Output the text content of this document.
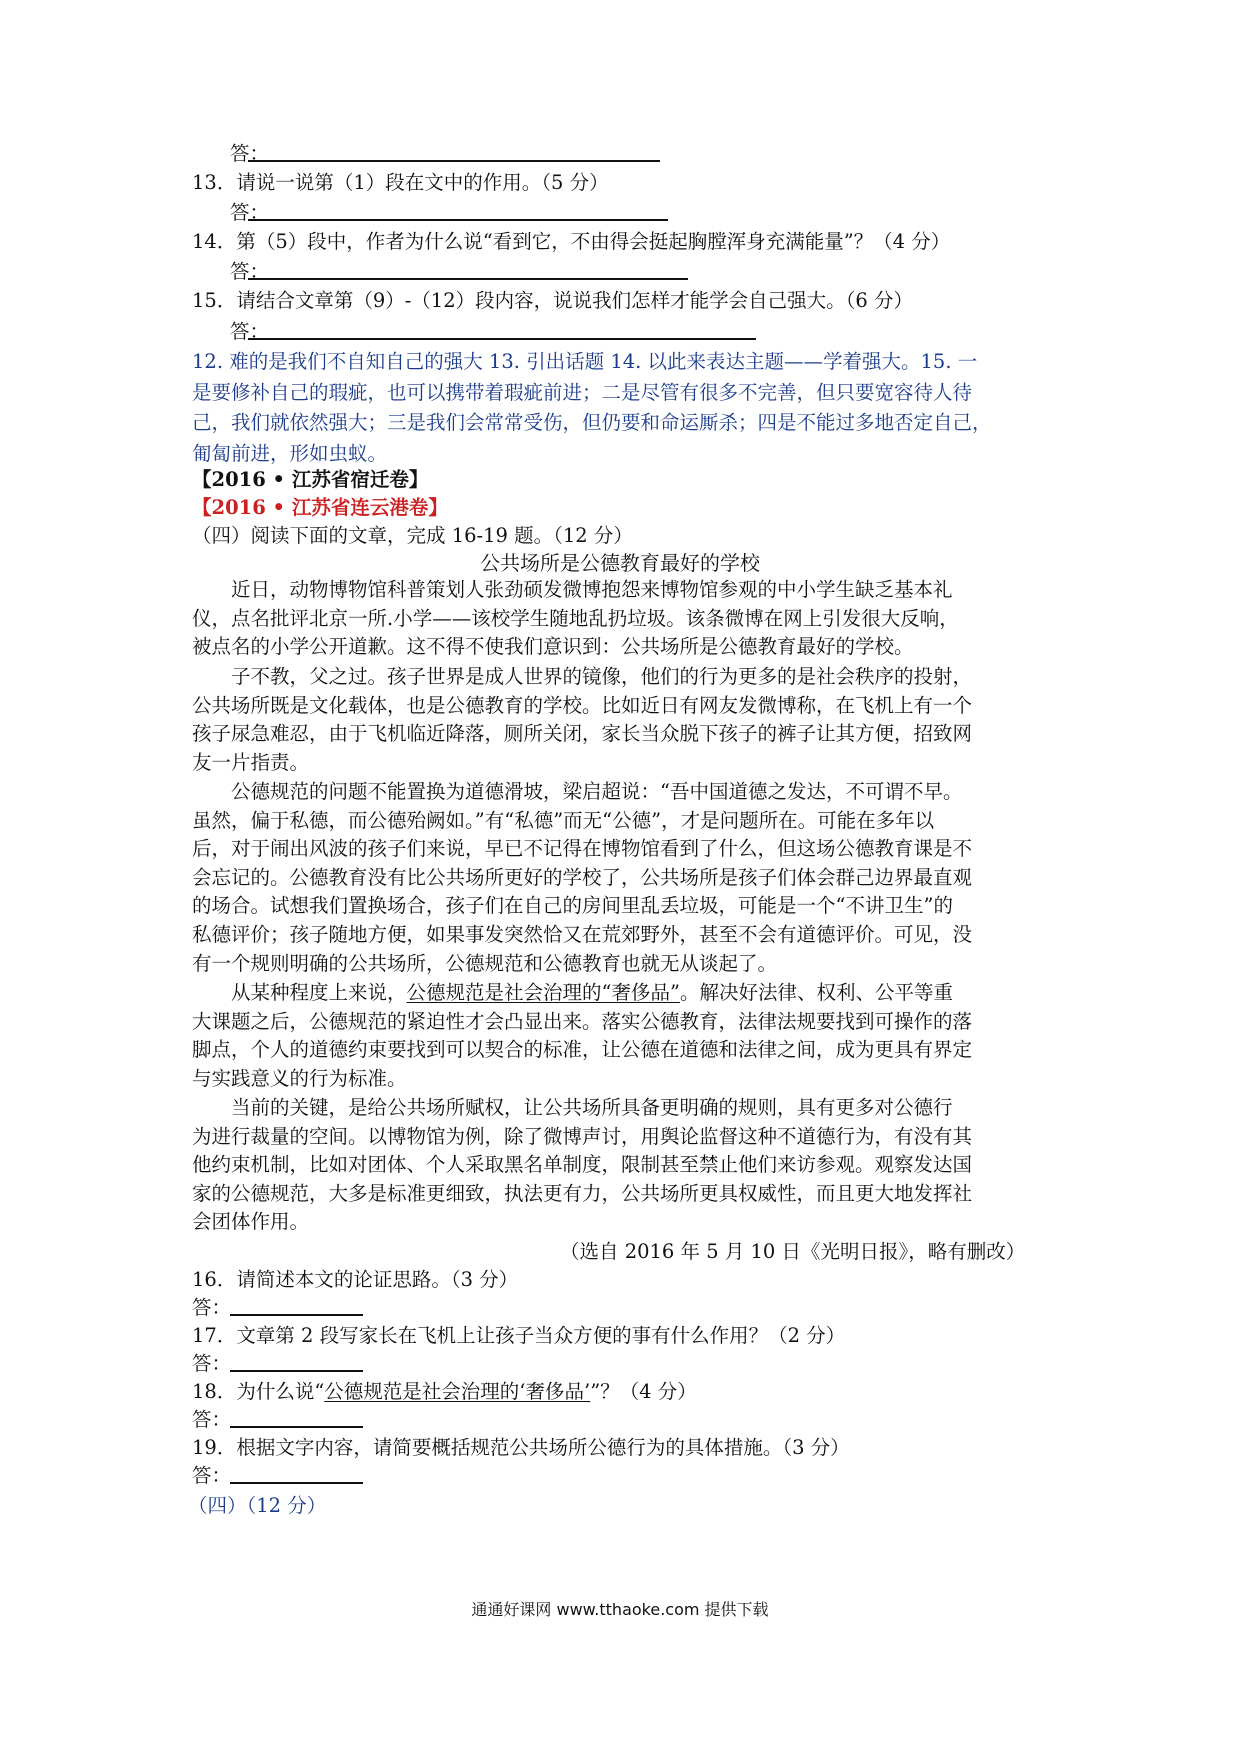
答：
13．请说一说第（1）段在文中的作用。（5 分）
答：
14．第（5）段中，作者为什么说“看到它，不由得会挺起胸膛浑身充满能量”？（4 分）
答：
15．请结合文章第（9）-（12）段内容，说说我们怎样才能学会自己强大。（6 分）
答：
12. 难的是我们不自知自己的强大 13. 引出话题 14. 以此来表达主题——学着强大。15. 一
是要修补自己的瑕疵，也可以携带着瑕疵前进；二是尽管有很多不完善，但只要宽容待人待
己，我们就依然强大；三是我们会常常受伤，但仍要和命运厮杀；四是不能过多地否定自己，
匍匐前进，形如虫蚁。
【2016 • 江苏省宿迁卷】
【2016 • 江苏省连云港卷】
（四）阅读下面的文章，完成 16-19 题。（12 分）
公共场所是公德教育最好的学校
　　近日，动物博物馆科普策划人张劲硕发微博抱怨来博物馆参观的中小学生缺乏基本礼
仪，点名批评北京一所.小学——该校学生随地乱扔垃圾。该条微博在网上引发很大反响，
被点名的小学公开道歉。这不得不使我们意识到：公共场所是公德教育最好的学校。
　　子不教，父之过。孩子世界是成人世界的镜像，他们的行为更多的是社会秩序的投射，
公共场所既是文化载体，也是公德教育的学校。比如近日有网友发微博称，在飞机上有一个
孩子尿急难忍，由于飞机临近降落，厕所关闭，家长当众脱下孩子的裤子让其方便，招致网
友一片指责。
　　公德规范的问题不能置换为道德滑坡，梁启超说：“吾中国道德之发达，不可谓不早。
虽然，偏于私德，而公德殆阙如。”有“私德”而无“公德”，才是问题所在。可能在多年以
后，对于闹出风波的孩子们来说，早已不记得在博物馆看到了什么，但这场公德教育课是不
会忘记的。公德教育没有比公共场所更好的学校了，公共场所是孩子们体会群己边界最直观
的场合。试想我们置换场合，孩子们在自己的房间里乱丢垃圾，可能是一个“不讲卫生”的
私德评价；孩子随地方便，如果事发突然恰又在荒郊野外，甚至不会有道德评价。可见，没
有一个规则明确的公共场所，公德规范和公德教育也就无从谈起了。
　　从某种程度上来说，公德规范是社会治理的“奢侈品”。解决好法律、权利、公平等重
大课题之后，公德规范的紧迫性才会凸显出来。落实公德教育，法律法规要找到可操作的落
脚点，个人的道德约束要找到可以契合的标准，让公德在道德和法律之间，成为更具有界定
与实践意义的行为标准。
　　当前的关键，是给公共场所赋权，让公共场所具备更明确的规则，具有更多对公德行
为进行裁量的空间。以博物馆为例，除了微博声讨，用舆论监督这种不道德行为，有没有其
他约束机制，比如对团体、个人采取黑名单制度，限制甚至禁止他们来访参观。观察发达国
家的公德规范，大多是标准更细致，执法更有力，公共场所更具权威性，而且更大地发挥社
会团体作用。
（选自 2016 年 5 月 10 日《光明日报》，略有删改）
16．请简述本文的论证思路。（3 分）
答：
17．文章第 2 段写家长在飞机上让孩子当众方便的事有什么作用？（2 分）
答：
18．为什么说“公德规范是社会治理的‘奢侈品’”？（4 分）
答：
19．根据文字内容，请简要概括规范公共场所公德行为的具体措施。（3 分）
答：
（四）（12 分）
通通好课网 www.tthaoke.com 提供下载
